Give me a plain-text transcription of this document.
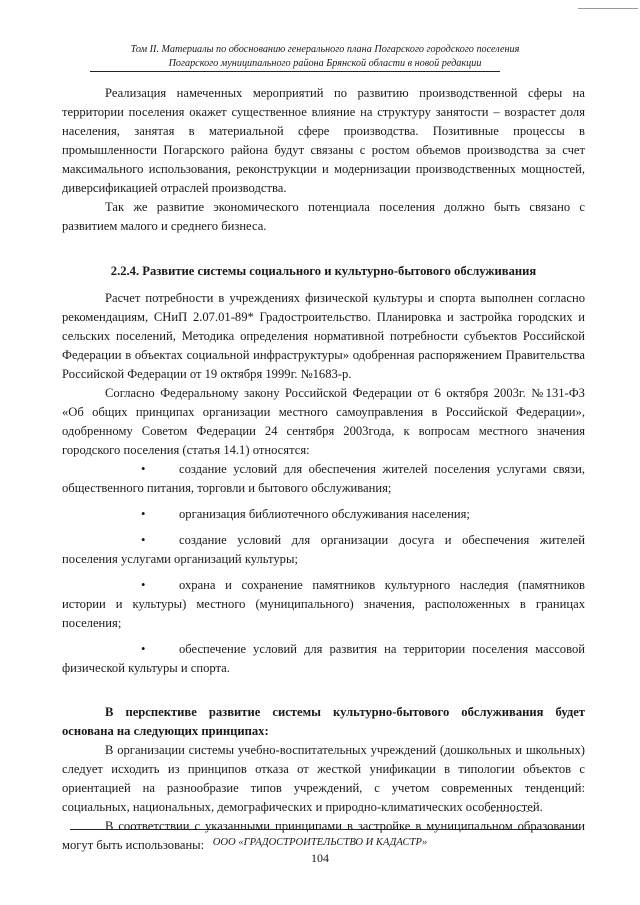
Том II. Материалы по обоснованию генерального плана Погарского городского поселения
Погарского муниципального района Брянской области в новой редакции

Реализация намеченных мероприятий по развитию производственной сферы на территории поселения окажет существенное влияние на структуру занятости – возрастет доля населения, занятая в материальной сфере производства. Позитивные процессы в промышленности Погарского района будут связаны с ростом объемов производства за счет максимального использования, реконструкции и модернизации производственных мощностей, диверсификацией отраслей производства.

Так же развитие экономического потенциала поселения должно быть связано с развитием малого и среднего бизнеса.

2.2.4. Развитие системы социального и культурно-бытового обслуживания

Расчет потребности в учреждениях физической культуры и спорта выполнен согласно рекомендациям, СНиП 2.07.01-89* Градостроительство. Планировка и застройка городских и сельских поселений, Методика определения нормативной потребности субъектов Российской Федерации в объектах социальной инфраструктуры» одобренная распоряжением Правительства Российской Федерации от 19 октября 1999г. №1683-р.

Согласно Федеральному закону Российской Федерации от 6 октября 2003г. №131-ФЗ «Об общих принципах организации местного самоуправления в Российской Федерации», одобренному Советом Федерации 24 сентября 2003года, к вопросам местного значения городского поселения (статья 14.1) относятся:

•	создание условий для обеспечения жителей поселения услугами связи, общественного питания, торговли и бытового обслуживания;
•	организация библиотечного обслуживания населения;
•	создание условий для организации досуга и обеспечения жителей поселения услугами организаций культуры;
•	охрана и сохранение памятников культурного наследия (памятников истории и культуры) местного (муниципального) значения, расположенных в границах поселения;
•	обеспечение условий для развития на территории поселения массовой физической культуры и спорта.

В перспективе развитие системы культурно-бытового обслуживания будет основана на следующих принципах:

В организации системы учебно-воспитательных учреждений (дошкольных и школьных) следует исходить из принципов отказа от жесткой унификации в типологии объектов с ориентацией на разнообразие типов учреждений, с учетом современных тенденций: социальных, национальных, демографических и природно-климатических особенностей.

В соответствии с указанными принципами в застройке в муниципальном образовании могут быть использованы: ООО «ГРАДОСТРОИТЕЛЬСТВО И КАДАСТР»
104
